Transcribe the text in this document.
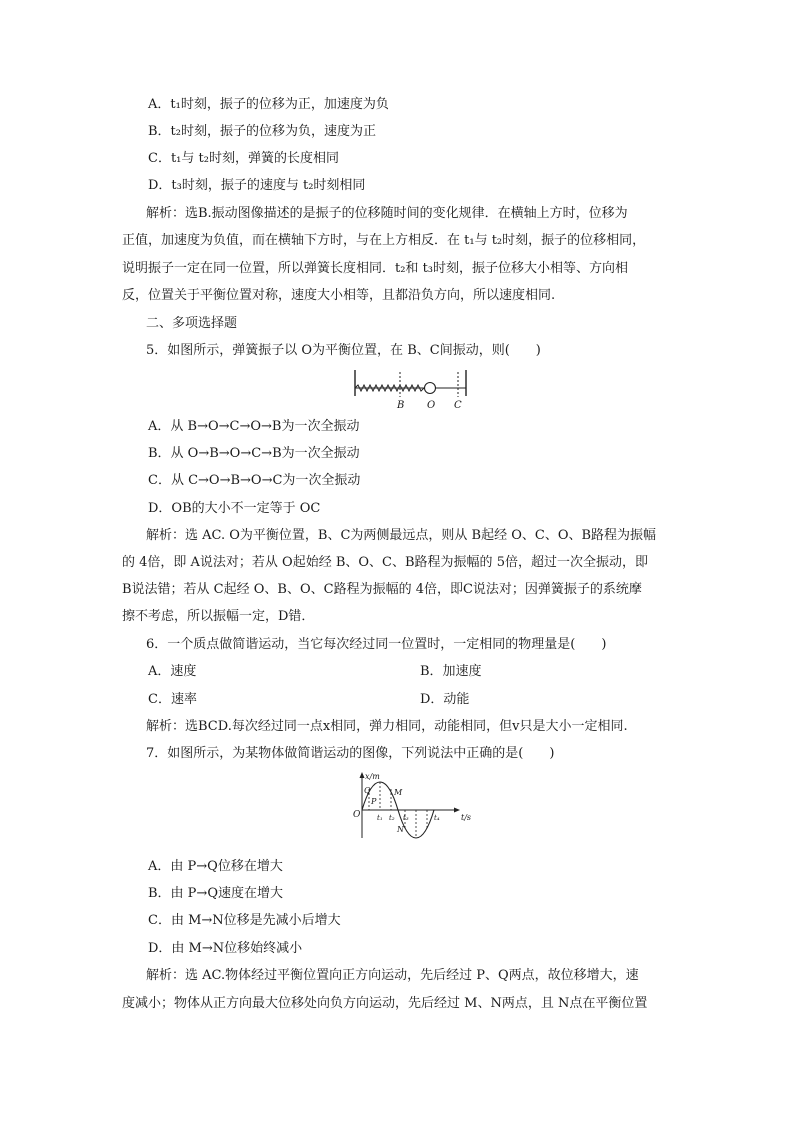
A．t₁时刻，振子的位移为正，加速度为负
B．t₂时刻，振子的位移为负，速度为正
C．t₁与 t₂时刻，弹簧的长度相同
D．t₃时刻，振子的速度与 t₂时刻相同
解析：选B.振动图像描述的是振子的位移随时间的变化规律．在横轴上方时，位移为
正值，加速度为负值，而在横轴下方时，与在上方相反．在 t₁与 t₂时刻，振子的位移相同，
说明振子一定在同一位置，所以弹簧长度相同．t₂和 t₃时刻，振子位移大小相等、方向相
反，位置关于平衡位置对称，速度大小相等，且都沿负方向，所以速度相同.
二、多项选择题
5．如图所示，弹簧振子以 O为平衡位置，在 B、C间振动，则(　　)
B O C
A．从 B→O→C→O→B为一次全振动
B．从 O→B→O→C→B为一次全振动
C．从 C→O→B→O→C为一次全振动
D．OB的大小不一定等于 OC
解析：选 AC. O为平衡位置，B、C为两侧最远点，则从 B起经 O、C、O、B路程为振幅
的 4倍，即 A说法对；若从 O起始经 B、O、C、B路程为振幅的 5倍，超过一次全振动，即
B说法错；若从 C起经 O、B、O、C路程为振幅的 4倍，即C说法对；因弹簧振子的系统摩
擦不考虑，所以振幅一定，D错．
6．一个质点做简谐运动，当它每次经过同一位置时，一定相同的物理量是(　　)
A．速度	B．加速度
C．速率	D．动能
解析：选BCD.每次经过同一点x相同，弹力相同，动能相同，但v只是大小一定相同.
7．如图所示，为某物体做简谐运动的图像，下列说法中正确的是(　　)
x/m
t/s
O
Q
P
M
N
t₁ t₂ t₃	t₄
A．由 P→Q位移在增大
B．由 P→Q速度在增大
C．由 M→N位移是先减小后增大
D．由 M→N位移始终减小
解析：选 AC.物体经过平衡位置向正方向运动，先后经过 P、Q两点，故位移增大，速
度减小；物体从正方向最大位移处向负方向运动，先后经过 M、N两点，且 N点在平衡位置
